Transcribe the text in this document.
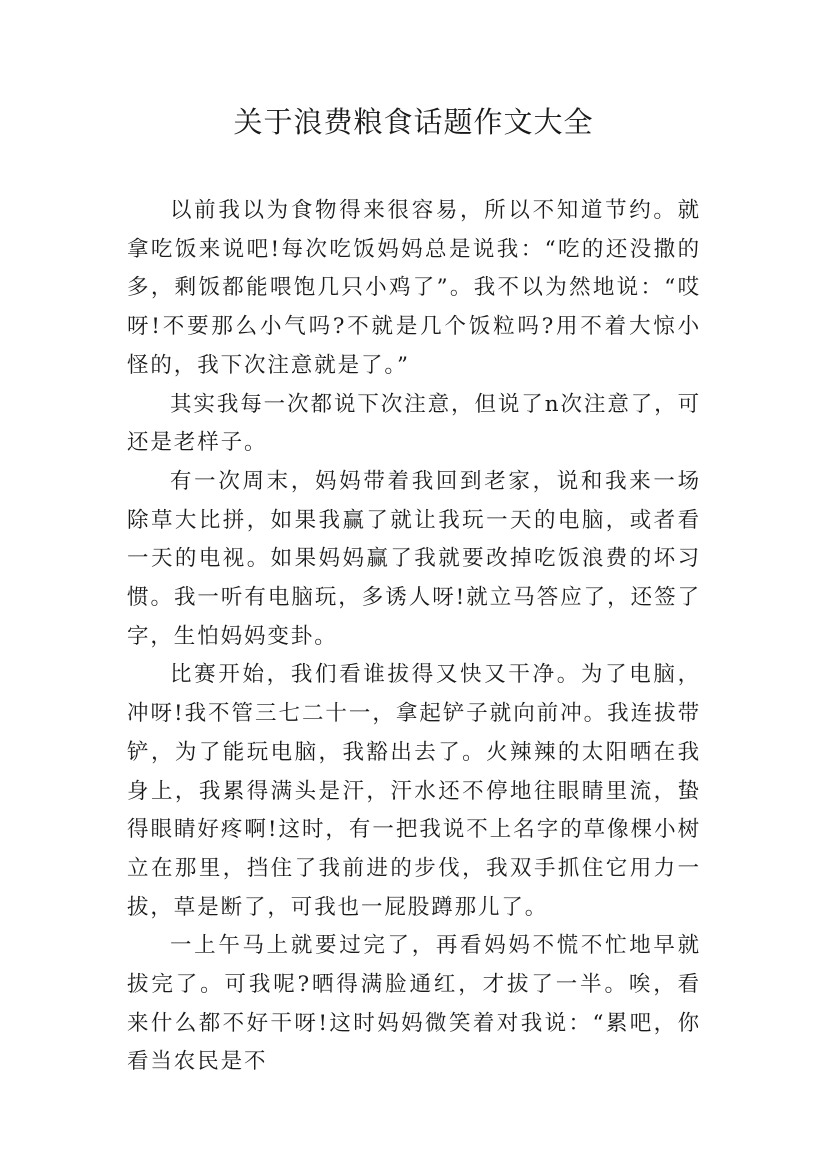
关于浪费粮食话题作文大全

以前我以为食物得来很容易，所以不知道节约。就拿吃饭来说吧!每次吃饭妈妈总是说我：“吃的还没撒的多，剩饭都能喂饱几只小鸡了”。我不以为然地说：“哎呀!不要那么小气吗?不就是几个饭粒吗?用不着大惊小怪的，我下次注意就是了。”

其实我每一次都说下次注意，但说了n次注意了，可还是老样子。

有一次周末，妈妈带着我回到老家，说和我来一场除草大比拼，如果我赢了就让我玩一天的电脑，或者看一天的电视。如果妈妈赢了我就要改掉吃饭浪费的坏习惯。我一听有电脑玩，多诱人呀!就立马答应了，还签了字，生怕妈妈变卦。

比赛开始，我们看谁拔得又快又干净。为了电脑，冲呀!我不管三七二十一，拿起铲子就向前冲。我连拔带铲，为了能玩电脑，我豁出去了。火辣辣的太阳晒在我身上，我累得满头是汗，汗水还不停地往眼睛里流，蛰得眼睛好疼啊!这时，有一把我说不上名字的草像棵小树立在那里，挡住了我前进的步伐，我双手抓住它用力一拔，草是断了，可我也一屁股蹲那儿了。

一上午马上就要过完了，再看妈妈不慌不忙地早就拔完了。可我呢?晒得满脸通红，才拔了一半。唉，看来什么都不好干呀!这时妈妈微笑着对我说：“累吧，你看当农民是不
